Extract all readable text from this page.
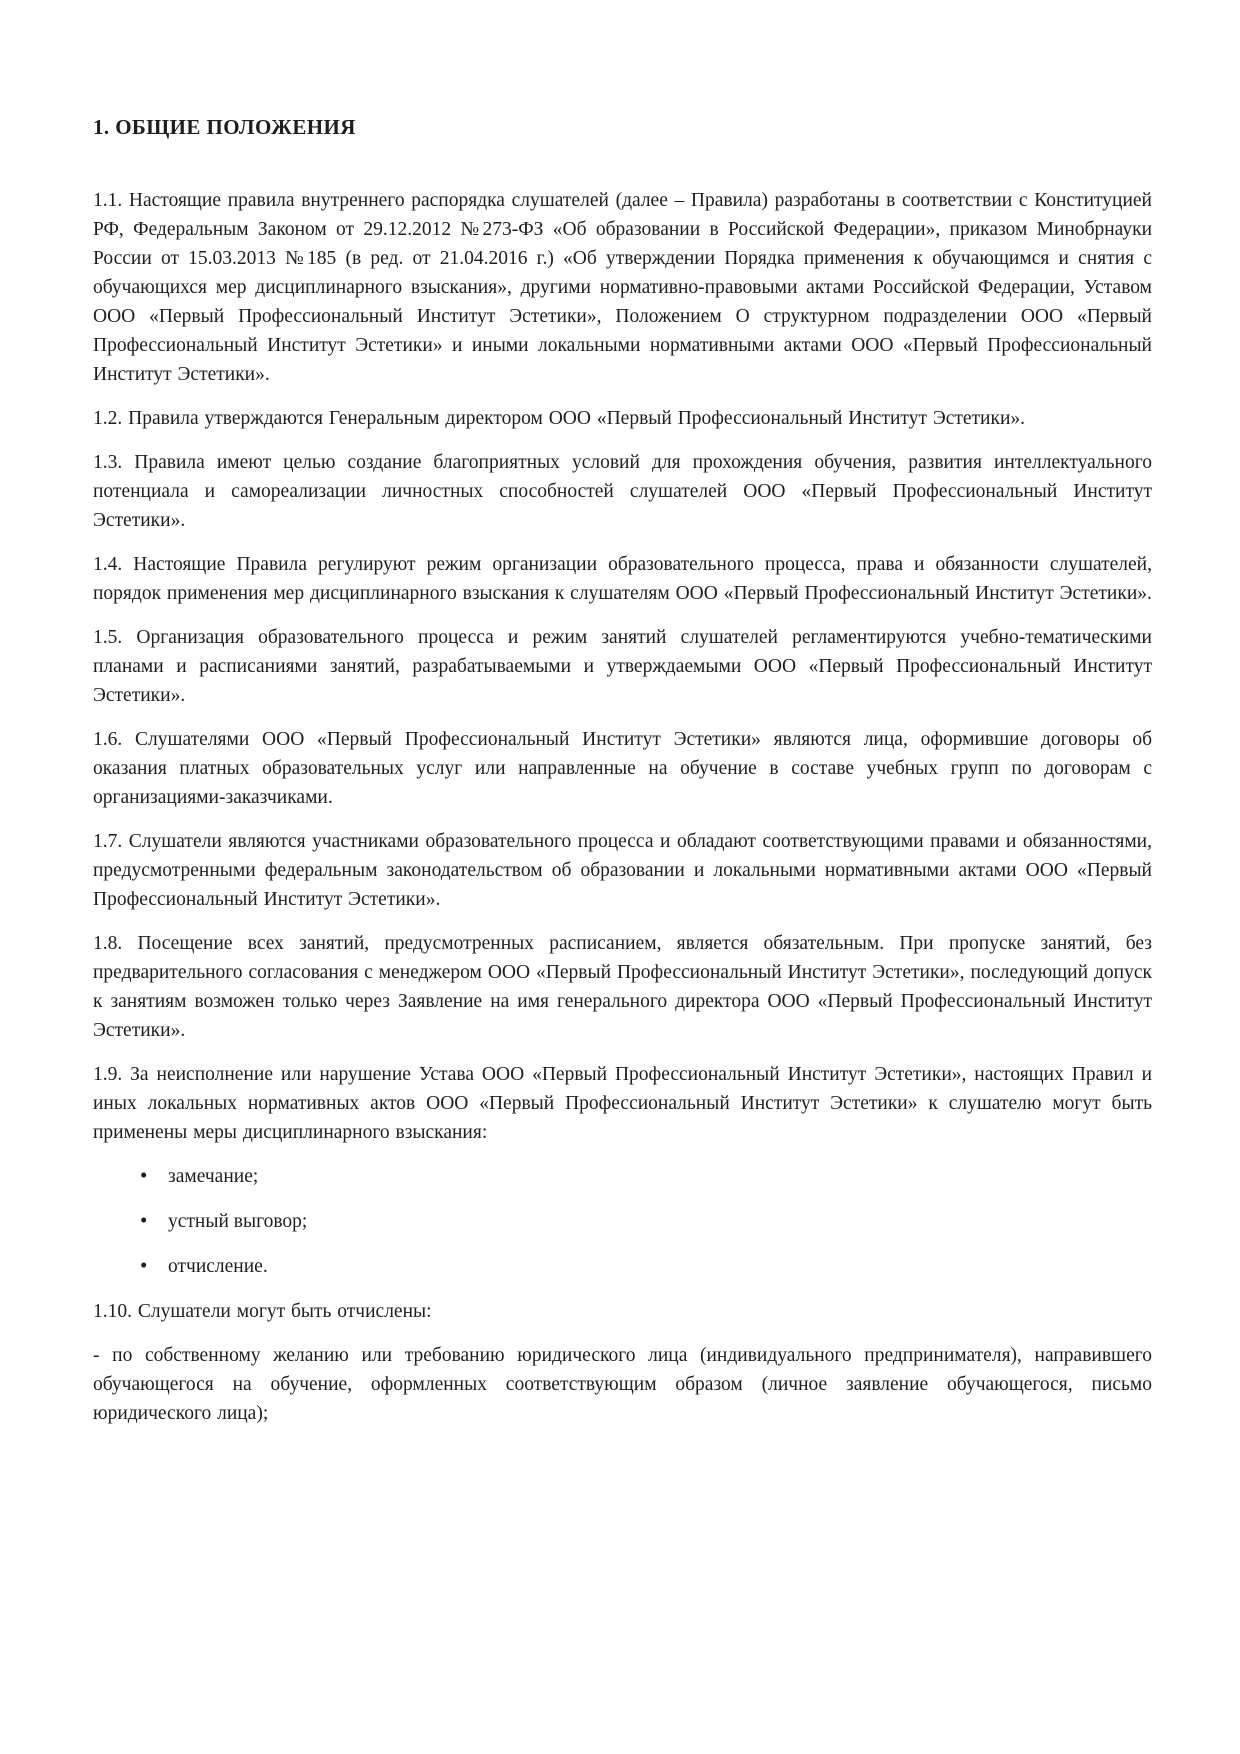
1. ОБЩИЕ ПОЛОЖЕНИЯ

1.1. Настоящие правила внутреннего распорядка слушателей (далее – Правила) разработаны в соответствии с Конституцией РФ, Федеральным Законом от 29.12.2012 №273-ФЗ «Об образовании в Российской Федерации», приказом Минобрнауки России от 15.03.2013 №185 (в ред. от 21.04.2016 г.) «Об утверждении Порядка применения к обучающимся и снятия с обучающихся мер дисциплинарного взыскания», другими нормативно-правовыми актами Российской Федерации, Уставом ООО «Первый Профессиональный Институт Эстетики», Положением О структурном подразделении ООО «Первый Профессиональный Институт Эстетики» и иными локальными нормативными актами ООО «Первый Профессиональный Институт Эстетики».

1.2. Правила утверждаются Генеральным директором ООО «Первый Профессиональный Институт Эстетики».

1.3. Правила имеют целью создание благоприятных условий для прохождения обучения, развития интеллектуального потенциала и самореализации личностных способностей слушателей ООО «Первый Профессиональный Институт Эстетики».

1.4. Настоящие Правила регулируют режим организации образовательного процесса, права и обязанности слушателей, порядок применения мер дисциплинарного взыскания к слушателям ООО «Первый Профессиональный Институт Эстетики».

1.5. Организация образовательного процесса и режим занятий слушателей регламентируются учебно-тематическими планами и расписаниями занятий, разрабатываемыми и утверждаемыми ООО «Первый Профессиональный Институт Эстетики».

1.6. Слушателями ООО «Первый Профессиональный Институт Эстетики» являются лица, оформившие договоры об оказания платных образовательных услуг или направленные на обучение в составе учебных групп по договорам с организациями-заказчиками.

1.7. Слушатели являются участниками образовательного процесса и обладают соответствующими правами и обязанностями, предусмотренными федеральным законодательством об образовании и локальными нормативными актами ООО «Первый Профессиональный Институт Эстетики».

1.8. Посещение всех занятий, предусмотренных расписанием, является обязательным. При пропуске занятий, без предварительного согласования с менеджером ООО «Первый Профессиональный Институт Эстетики», последующий допуск к занятиям возможен только через Заявление на имя генерального директора ООО «Первый Профессиональный Институт Эстетики».

1.9. За неисполнение или нарушение Устава ООО «Первый Профессиональный Институт Эстетики», настоящих Правил и иных локальных нормативных актов ООО «Первый Профессиональный Институт Эстетики» к слушателю могут быть применены меры дисциплинарного взыскания:

• замечание;
• устный выговор;
• отчисление.

1.10. Слушатели могут быть отчислены:

- по собственному желанию или требованию юридического лица (индивидуального предпринимателя), направившего обучающегося на обучение, оформленных соответствующим образом (личное заявление обучающегося, письмо юридического лица);
